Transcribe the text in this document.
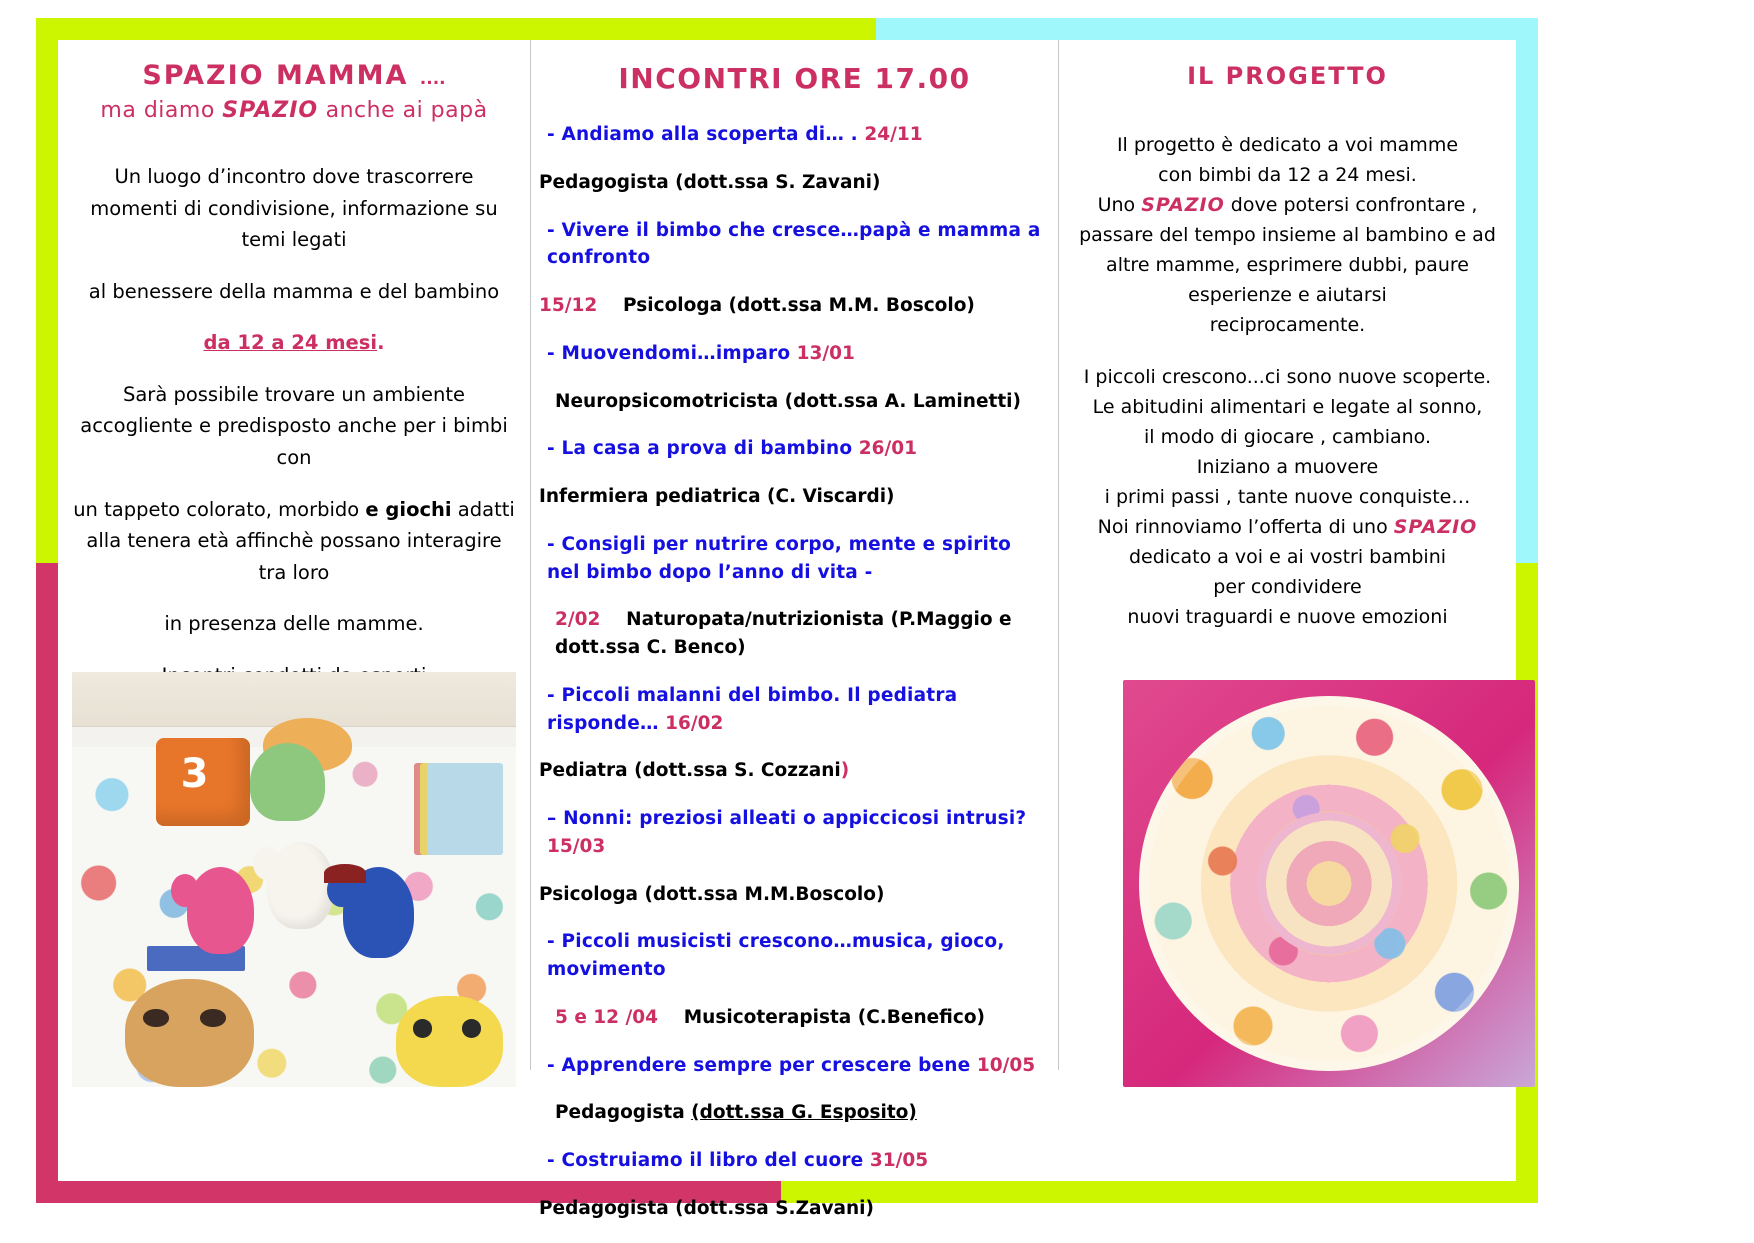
SPAZIO MAMMA ....
ma diamo SPAZIO anche ai papà

Un luogo d’incontro dove trascorrere momenti di condivisione, informazione su temi legati

al benessere della mamma e del bambino

da 12 a 24 mesi.

Sarà possibile trovare un ambiente accogliente e predisposto anche per i bimbi con

un tappeto colorato, morbido e giochi adatti alla tenera età affinchè possano interagire tra loro

in presenza delle mamme.

3
INCONTRI ORE 17.00
- Andiamo alla scoperta di… . 24/11
Pedagogista (dott.ssa S. Zavani)
- Vivere il bimbo che cresce…papà e mamma a confronto
15/12    Psicologa (dott.ssa M.M. Boscolo)
- Muovendomi…imparo 13/01
Neuropsicomotricista (dott.ssa A. Laminetti)
- La casa a prova di bambino 26/01
Infermiera pediatrica (C. Viscardi)
- Consigli per nutrire corpo, mente e spirito nel bimbo dopo l’anno di vita -
2/02    Naturopata/nutrizionista (P.Maggio e dott.ssa C. Benco)
- Piccoli malanni del bimbo. Il pediatra risponde… 16/02
Pediatra (dott.ssa S. Cozzani)
– Nonni: preziosi alleati o appiccicosi intrusi? 15/03
Psicologa (dott.ssa M.M.Boscolo)
- Piccoli musicisti crescono…musica, gioco, movimento
5 e 12 /04    Musicoterapista (C.Benefico)
- Apprendere sempre per crescere bene 10/05
Pedagogista (dott.ssa G. Esposito)
- Costruiamo il libro del cuore 31/05
Pedagogista (dott.ssa S.Zavani)
IL PROGETTO

Il progetto è dedicato a voi mamme
con bimbi da 12 a 24 mesi.
Uno SPAZIO dove potersi confrontare ,
passare del tempo insieme al bambino e ad
altre mamme, esprimere dubbi, paure
esperienze e aiutarsi
reciprocamente.

I piccoli crescono...ci sono nuove scoperte.
Le abitudini alimentari e legate al sonno,
il modo di giocare , cambiano.
Iniziano a muovere
i primi passi , tante nuove conquiste…
Noi rinnoviamo l’offerta di uno SPAZIO
dedicato a voi e ai vostri bambini
per condividere
nuovi traguardi e nuove emozioni
